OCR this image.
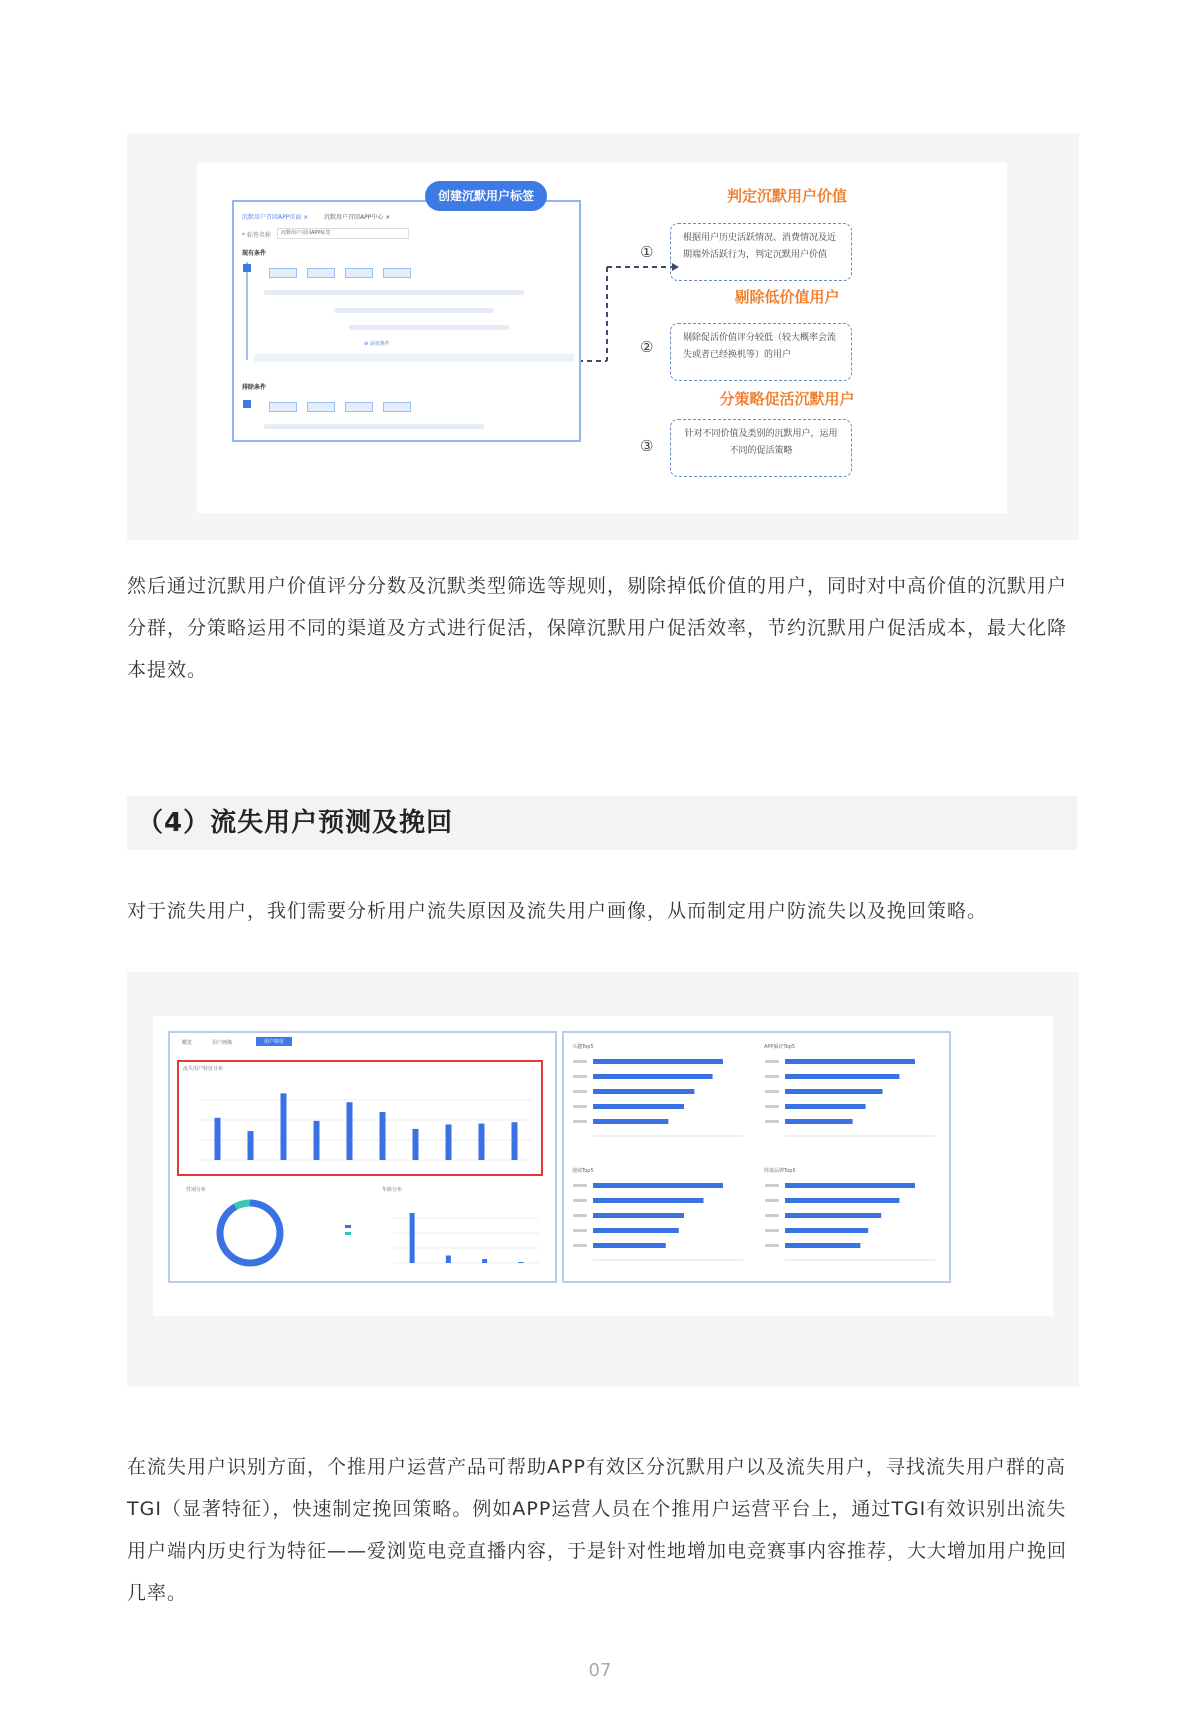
沉默用户召回APP页面 ×	沉默用户召回APP中心 ×
* 标签名称 沉默用户召回APP标签
现有条件
⊕ 添加条件
排除条件
创建沉默用户标签	判定沉默用户价值
①
根据用户历史活跃情况、消费情况及近期端外活跃行为，判定沉默用户价值
剔除低价值用户
②	剔除促活价值评分较低（较大概率会流失或者已经换机等）的用户
分策略促活沉默用户
③
针对不同价值及类别的沉默用户，运用不同的促活策略

然后通过沉默用户价值评分分数及沉默类型筛选等规则，剔除掉低价值的用户，同时对中高价值的沉默用户分群，分策略运用不同的渠道及方式进行促活，保障沉默用户促活效率，节约沉默用户促活成本，最大化降本提效。

（4）流失用户预测及挽回

对于流失用户，我们需要分析用户流失原因及流失用户画像，从而制定用户防流失以及挽回策略。

概览	用户画像	用户特征
流失用户特征分布
性别分布	年龄分布
兴趣Top5	APP偏好Top5
地域Top5	终端品牌Top5

在流失用户识别方面，个推用户运营产品可帮助APP有效区分沉默用户以及流失用户，寻找流失用户群的高TGI（显著特征），快速制定挽回策略。例如APP运营人员在个推用户运营平台上，通过TGI有效识别出流失用户端内历史行为特征——爱浏览电竞直播内容，于是针对性地增加电竞赛事内容推荐，大大增加用户挽回几率。

07
